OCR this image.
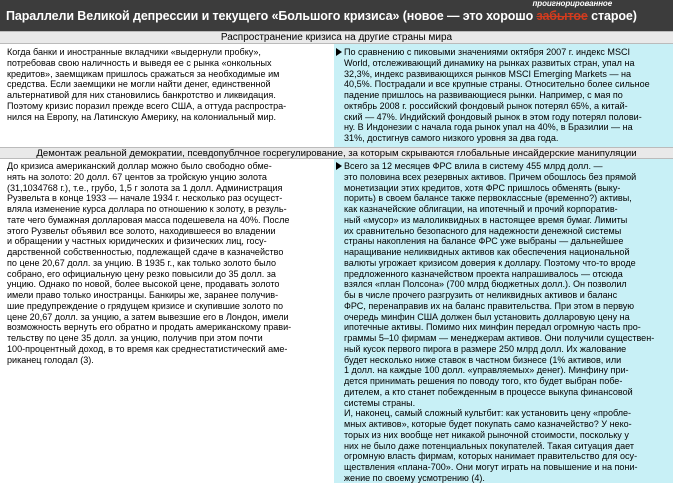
Параллели Великой депрессии и текущего «Большого кризиса» (новое — это хорошо забытое
проигнорированное
старое)
Распространение кризиса на другие страны мира
Когда банки и иностранные вкладчики «выдернули пробку»,
потребовав свою наличность и выведя ее с рынка «онкольных
кредитов», заемщикам пришлось сражаться за необходимые им
средства. Если заемщики не могли найти денег, единственной
альтернативой для них становились банкротство и ликвидация.
Поэтому кризис поразил прежде всего США, а оттуда распростра-
нился на Европу, на Латинскую Америку, на колониальный мир.
По сравнению с пиковыми значениями октября 2007 г. индекс MSCI
World, отслеживающий динамику на рынках развитых стран, упал на
32,3%, индекс развивающихся рынков MSCI Emerging Markets — на
40,5%. Пострадали и все крупные страны. Относительно более сильное
падение пришлось на развивающиеся рынки. Например, с мая по
октябрь 2008 г. российский фондовый рынок потерял 65%, а китай-
ский — 47%. Индийский фондовый рынок в этом году потерял полови-
ну. В Индонезии с начала года рынок упал на 40%, в Бразилии — на
31%, достигнув самого низкого уровня за два года.
Демонтаж реальной демократии, псевдопублчное госрегулирование, за которым скрываются глобальные инсайдерские манипуляции
До кризиса американский доллар можно было свободно обме-
нять на золото: 20 долл. 67 центов за тройскую унцию золота
(31,1034768 г.), т.е., грубо, 1,5 г золота за 1 долл. Администрация
Рузвельта в конце 1933 — начале 1934 г. несколько раз осущест-
вляла изменение курса доллара по отношению к золоту, в резуль-
тате чего бумажная долларовая масса подешевела на 40%. После
этого Рузвельт объявил все золото, находившееся во владении
и обращении у частных юридических и физических лиц, госу-
дарственной собственностью, подлежащей сдаче в казначейство
по цене 20,67 долл. за унцию. В 1935 г., как только золото было
собрано, его официальную цену резко повысили до 35 долл. за
унцию. Однако по новой, более высокой цене, продавать золото
имели право только иностранцы. Банкиры же, заранее получив-
шие предупреждение о грядущем кризисе и скупившие золото по
цене 20,67 долл. за унцию, а затем вывезшие его в Лондон, имели
возможность вернуть его обратно и продать американскому прави-
тельству по цене 35 долл. за унцию, получив при этом почти
100-процентный доход, в то время как среднестатистический аме-
риканец голодал (3).
Всего за 12 месяцев ФРС влила в систему 455 млрд долл. —
это половина всех резервных активов. Причем обошлось без прямой
монетизации этих кредитов, хотя ФРС пришлось обменять (выку-
порить) в своем балансе также первоклассные (временно?) активы,
как казначейские облигации, на ипотечный и прочий корпоратив-
ный «мусор» из малоликвидных в настоящее время бумаг. Лимиты
их сравнительно безопасного для надежности денежной системы
страны накопления на балансе ФРС уже выбраны — дальнейшее
наращивание неликвидных активов как обеспечения национальной
валюты угрожает кризисом доверия к доллару. Поэтому что-то вроде
предложенного казначейством проекта напрашивалось — отсюда
взялся «план Полсона» (700 млрд бюджетных долл.). Он позволил
бы в числе прочего разгрузить от неликвидных активов и баланс
ФРС, перенаправив их на баланс правительства. При этом в первую
очередь минфин США должен был установить долларовую цену на
ипотечные активы. Помимо них минфин передал огромную часть про-
граммы 5–10 фирмам — менеджерам активов. Они получили существен-
ный кусок первого пирога в размере 250 млрд долл. Их жалование
будет несколько ниже ставок в частном бизнесе (1% активов, или
1 долл. на каждые 100 долл. «управляемых» денег). Минфину при-
дется принимать решения по поводу того, кто будет выбран побе-
дителем, а кто станет побежденным в процессе выкупа финансовой
системы страны.
И, наконец, самый сложный культбит: как установить цену «пробле-
мных активов», которые будет покупать само казначейство? У неко-
торых из них вообще нет никакой рыночной стоимости, поскольку у
них не было даже потенциальных покупателей. Такая ситуация дает
огромную власть фирмам, которых нанимает правительство для осу-
ществления «плана-700». Они могут играть на повышение и на пони-
жение по своему усмотрению (4).
